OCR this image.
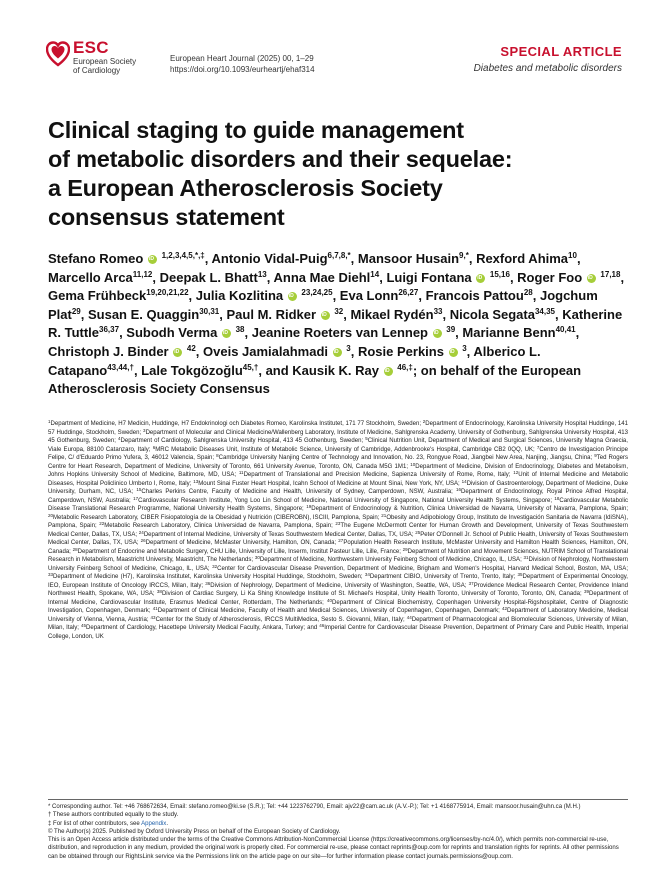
ESC
European Society
of Cardiology
European Heart Journal (2025) 00, 1–29
https://doi.org/10.1093/eurheartj/ehaf314
SPECIAL ARTICLE
Diabetes and metabolic disorders
Clinical staging to guide management
of metabolic disorders and their sequelae:
a European Atherosclerosis Society
consensus statement
Stefano Romeo iD $^{1,2,3,4,5,*,\ddagger}$, Antonio Vidal-Puig$^{6,7,8,*}$, Mansoor Husain$^{9,*}$, Rexford Ahima$^{10}$, Marcello Arca$^{11,12}$, Deepak L. Bhatt$^{13}$, Anna Mae Diehl$^{14}$, Luigi Fontana iD $^{15,16}$, Roger Foo iD $^{17,18}$, Gema Frühbeck$^{19,20,21,22}$, Julia Kozlitina iD $^{23,24,25}$, Eva Lonn$^{26,27}$, Francois Pattou$^{28}$, Jogchum Plat$^{29}$, Susan E. Quaggin$^{30,31}$, Paul M. Ridker iD $^{32}$, Mikael Rydén$^{33}$, Nicola Segata$^{34,35}$, Katherine R. Tuttle$^{36,37}$, Subodh Verma iD $^{38}$, Jeanine Roeters van Lennep iD $^{39}$, Marianne Benn$^{40,41}$, Christoph J. Binder iD $^{42}$, Oveis Jamialahmadi iD $^3$, Rosie Perkins iD $^3$, Alberico L. Catapano$^{43,44,\dagger}$, Lale Tokgözoğlu$^{45,\dagger}$, and Kausik K. Ray iD $^{46,\ddagger}$; on behalf of the European Atherosclerosis Society Consensus
$^1$Department of Medicine, H7 Medicin, Huddinge, H7 Endokrinologi och Diabetes Romeo, Karolinska Institutet, 171 77 Stockholm, Sweden; $^2$Department of Endocrinology, Karolinska University Hospital Huddinge, 141 57 Huddinge, Stockholm, Sweden; $^3$Department of Molecular and Clinical Medicine/Wallenberg Laboratory, Institute of Medicine, Sahlgrenska Academy, University of Gothenburg, Sahlgrenska University Hospital, 413 45 Gothenburg, Sweden; $^4$Department of Cardiology, Sahlgrenska University Hospital, 413 45 Gothenburg, Sweden; $^5$Clinical Nutrition Unit, Department of Medical and Surgical Sciences, University Magna Graecia, Viale Europa, 88100 Catanzaro, Italy; $^6$MRC Metabolic Diseases Unit, Institute of Metabolic Science, University of Cambridge, Addenbrooke's Hospital, Cambridge CB2 0QQ, UK; $^7$Centro de Investigacion Principe Felipe, C/ d'Eduardo Primo Yufera, 3, 46012 Valencia, Spain; $^8$Cambridge University Nanjing Centre of Technology and Innovation, No. 23, Rongyue Road, Jiangbei New Area, Nanjing, Jiangsu, China; $^9$Ted Rogers Centre for Heart Research, Department of Medicine, University of Toronto, 661 University Avenue, Toronto, ON, Canada M5G 1M1; $^{10}$Department of Medicine, Division of Endocrinology, Diabetes and Metabolism, Johns Hopkins University School of Medicine, Baltimore, MD, USA; $^{11}$Department of Translational and Precision Medicine, Sapienza University of Rome, Rome, Italy; $^{12}$Unit of Internal Medicine and Metabolic Diseases, Hospital Policlinico Umberto I, Rome, Italy; $^{13}$Mount Sinai Fuster Heart Hospital, Icahn School of Medicine at Mount Sinai, New York, NY, USA; $^{14}$Division of Gastroenterology, Department of Medicine, Duke University, Durham, NC, USA; $^{15}$Charles Perkins Centre, Faculty of Medicine and Health, University of Sydney, Camperdown, NSW, Australia; $^{16}$Department of Endocrinology, Royal Prince Alfred Hospital, Camperdown, NSW, Australia; $^{17}$Cardiovascular Research Institute, Yong Loo Lin School of Medicine, National University of Singapore, National University Health Systems, Singapore; $^{18}$Cardiovascular Metabolic Disease Translational Research Programme, National University Health Systems, Singapore; $^{19}$Department of Endocrinology & Nutrition, Clinica Universidad de Navarra, University of Navarra, Pamplona, Spain; $^{20}$Metabolic Research Laboratory, CIBER Fisiopatología de la Obesidad y Nutrición (CIBEROBN), ISCIII, Pamplona, Spain; $^{21}$Obesity and Adipobiology Group, Instituto de Investigación Sanitaria de Navarra (IdiSNA), Pamplona, Spain; $^{22}$Metabolic Research Laboratory, Clinica Universidad de Navarra, Pamplona, Spain; $^{23}$The Eugene McDermott Center for Human Growth and Development, University of Texas Southwestern Medical Center, Dallas, TX, USA; $^{24}$Department of Internal Medicine, University of Texas Southwestern Medical Center, Dallas, TX, USA; $^{25}$Peter O'Donnell Jr. School of Public Health, University of Texas Southwestern Medical Center, Dallas, TX, USA; $^{26}$Department of Medicine, McMaster University, Hamilton, ON, Canada; $^{27}$Population Health Research Institute, McMaster University and Hamilton Health Sciences, Hamilton, ON, Canada; $^{28}$Department of Endocrine and Metabolic Surgery, CHU Lille, University of Lille, Inserm, Institut Pasteur Lille, Lille, France; $^{29}$Department of Nutrition and Movement Sciences, NUTRIM School of Translational Research in Metabolism, Maastricht University, Maastricht, The Netherlands; $^{30}$Department of Medicine, Northwestern University Feinberg School of Medicine, Chicago, IL, USA; $^{31}$Division of Nephrology, Northwestern University Feinberg School of Medicine, Chicago, IL, USA; $^{32}$Center for Cardiovascular Disease Prevention, Department of Medicine, Brigham and Women's Hospital, Harvard Medical School, Boston, MA, USA; $^{33}$Department of Medicine (H7), Karolinska Institutet, Karolinska University Hospital Huddinge, Stockholm, Sweden; $^{34}$Department CIBIO, University of Trento, Trento, Italy; $^{35}$Department of Experimental Oncology, IEO, European Institute of Oncology IRCCS, Milan, Italy; $^{36}$Division of Nephrology, Department of Medicine, University of Washington, Seattle, WA, USA; $^{37}$Providence Medical Research Center, Providence Inland Northwest Health, Spokane, WA, USA; $^{38}$Division of Cardiac Surgery, Li Ka Shing Knowledge Institute of St. Michael's Hospital, Unity Health Toronto, University of Toronto, Toronto, ON, Canada; $^{39}$Department of Internal Medicine, Cardiovascular Institute, Erasmus Medical Center, Rotterdam, The Netherlands; $^{40}$Department of Clinical Biochemistry, Copenhagen University Hospital-Rigshospitalet, Centre of Diagnostic Investigation, Copenhagen, Denmark; $^{41}$Department of Clinical Medicine, Faculty of Health and Medical Sciences, University of Copenhagen, Copenhagen, Denmark; $^{42}$Department of Laboratory Medicine, Medical University of Vienna, Vienna, Austria; $^{43}$Center for the Study of Atherosclerosis, IRCCS MultiMedica, Sesto S. Giovanni, Milan, Italy; $^{44}$Department of Pharmacological and Biomolecular Sciences, University of Milan, Milan, Italy; $^{45}$Department of Cardiology, Hacettepe University Medical Faculty, Ankara, Turkey; and $^{46}$Imperial Centre for Cardiovascular Disease Prevention, Department of Primary Care and Public Health, Imperial College, London, UK

* Corresponding author. Tel: +46 768672634, Email: stefano.romeo@ki.se (S.R.); Tel: +44 1223762790, Email: ajv22@cam.ac.uk (A.V.-P.); Tel: +1 4168775914, Email: mansoor.husain@uhn.ca (M.H.)

† These authors contributed equally to the study.

‡ For list of other contributors, see Appendix.

© The Author(s) 2025. Published by Oxford University Press on behalf of the European Society of Cardiology.

This is an Open Access article distributed under the terms of the Creative Commons Attribution-NonCommercial License (https://creativecommons.org/licenses/by-nc/4.0/), which permits non-commercial re-use, distribution, and reproduction in any medium, provided the original work is properly cited. For commercial re-use, please contact reprints@oup.com for reprints and translation rights for reprints. All other permissions can be obtained through our RightsLink service via the Permissions link on the article page on our site—for further information please contact journals.permissions@oup.com.
